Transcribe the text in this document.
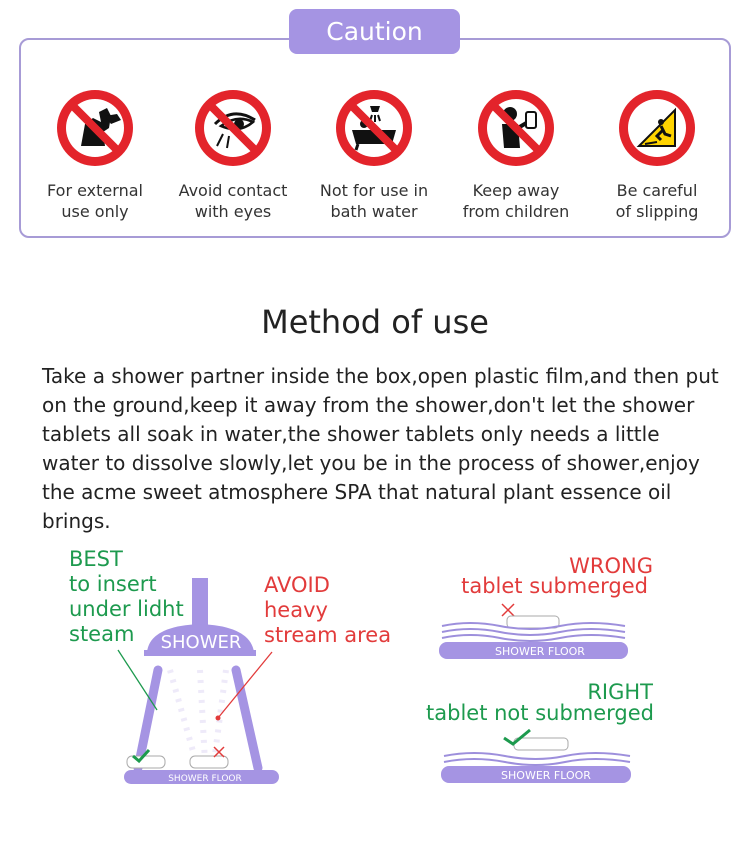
Caution
For external
use only
Avoid contact
with eyes
Not for use in
bath water
Keep away
from children
Be careful
of slipping
Method of use
Take a shower partner inside the box,open plastic film,and then put on the ground,keep it away from the shower,don't let the shower tablets all soak in water,the shower tablets only needs a little water to dissolve slowly,let you be in the process of shower,enjoy the acme sweet atmosphere SPA that natural plant essence oil brings.
BEST
to insert
under lidht
steam
AVOID
heavy
stream area
SHOWER
SHOWER FLOOR
WRONG
tablet submerged
SHOWER FLOOR
RIGHT
tablet not submerged
SHOWER FLOOR
